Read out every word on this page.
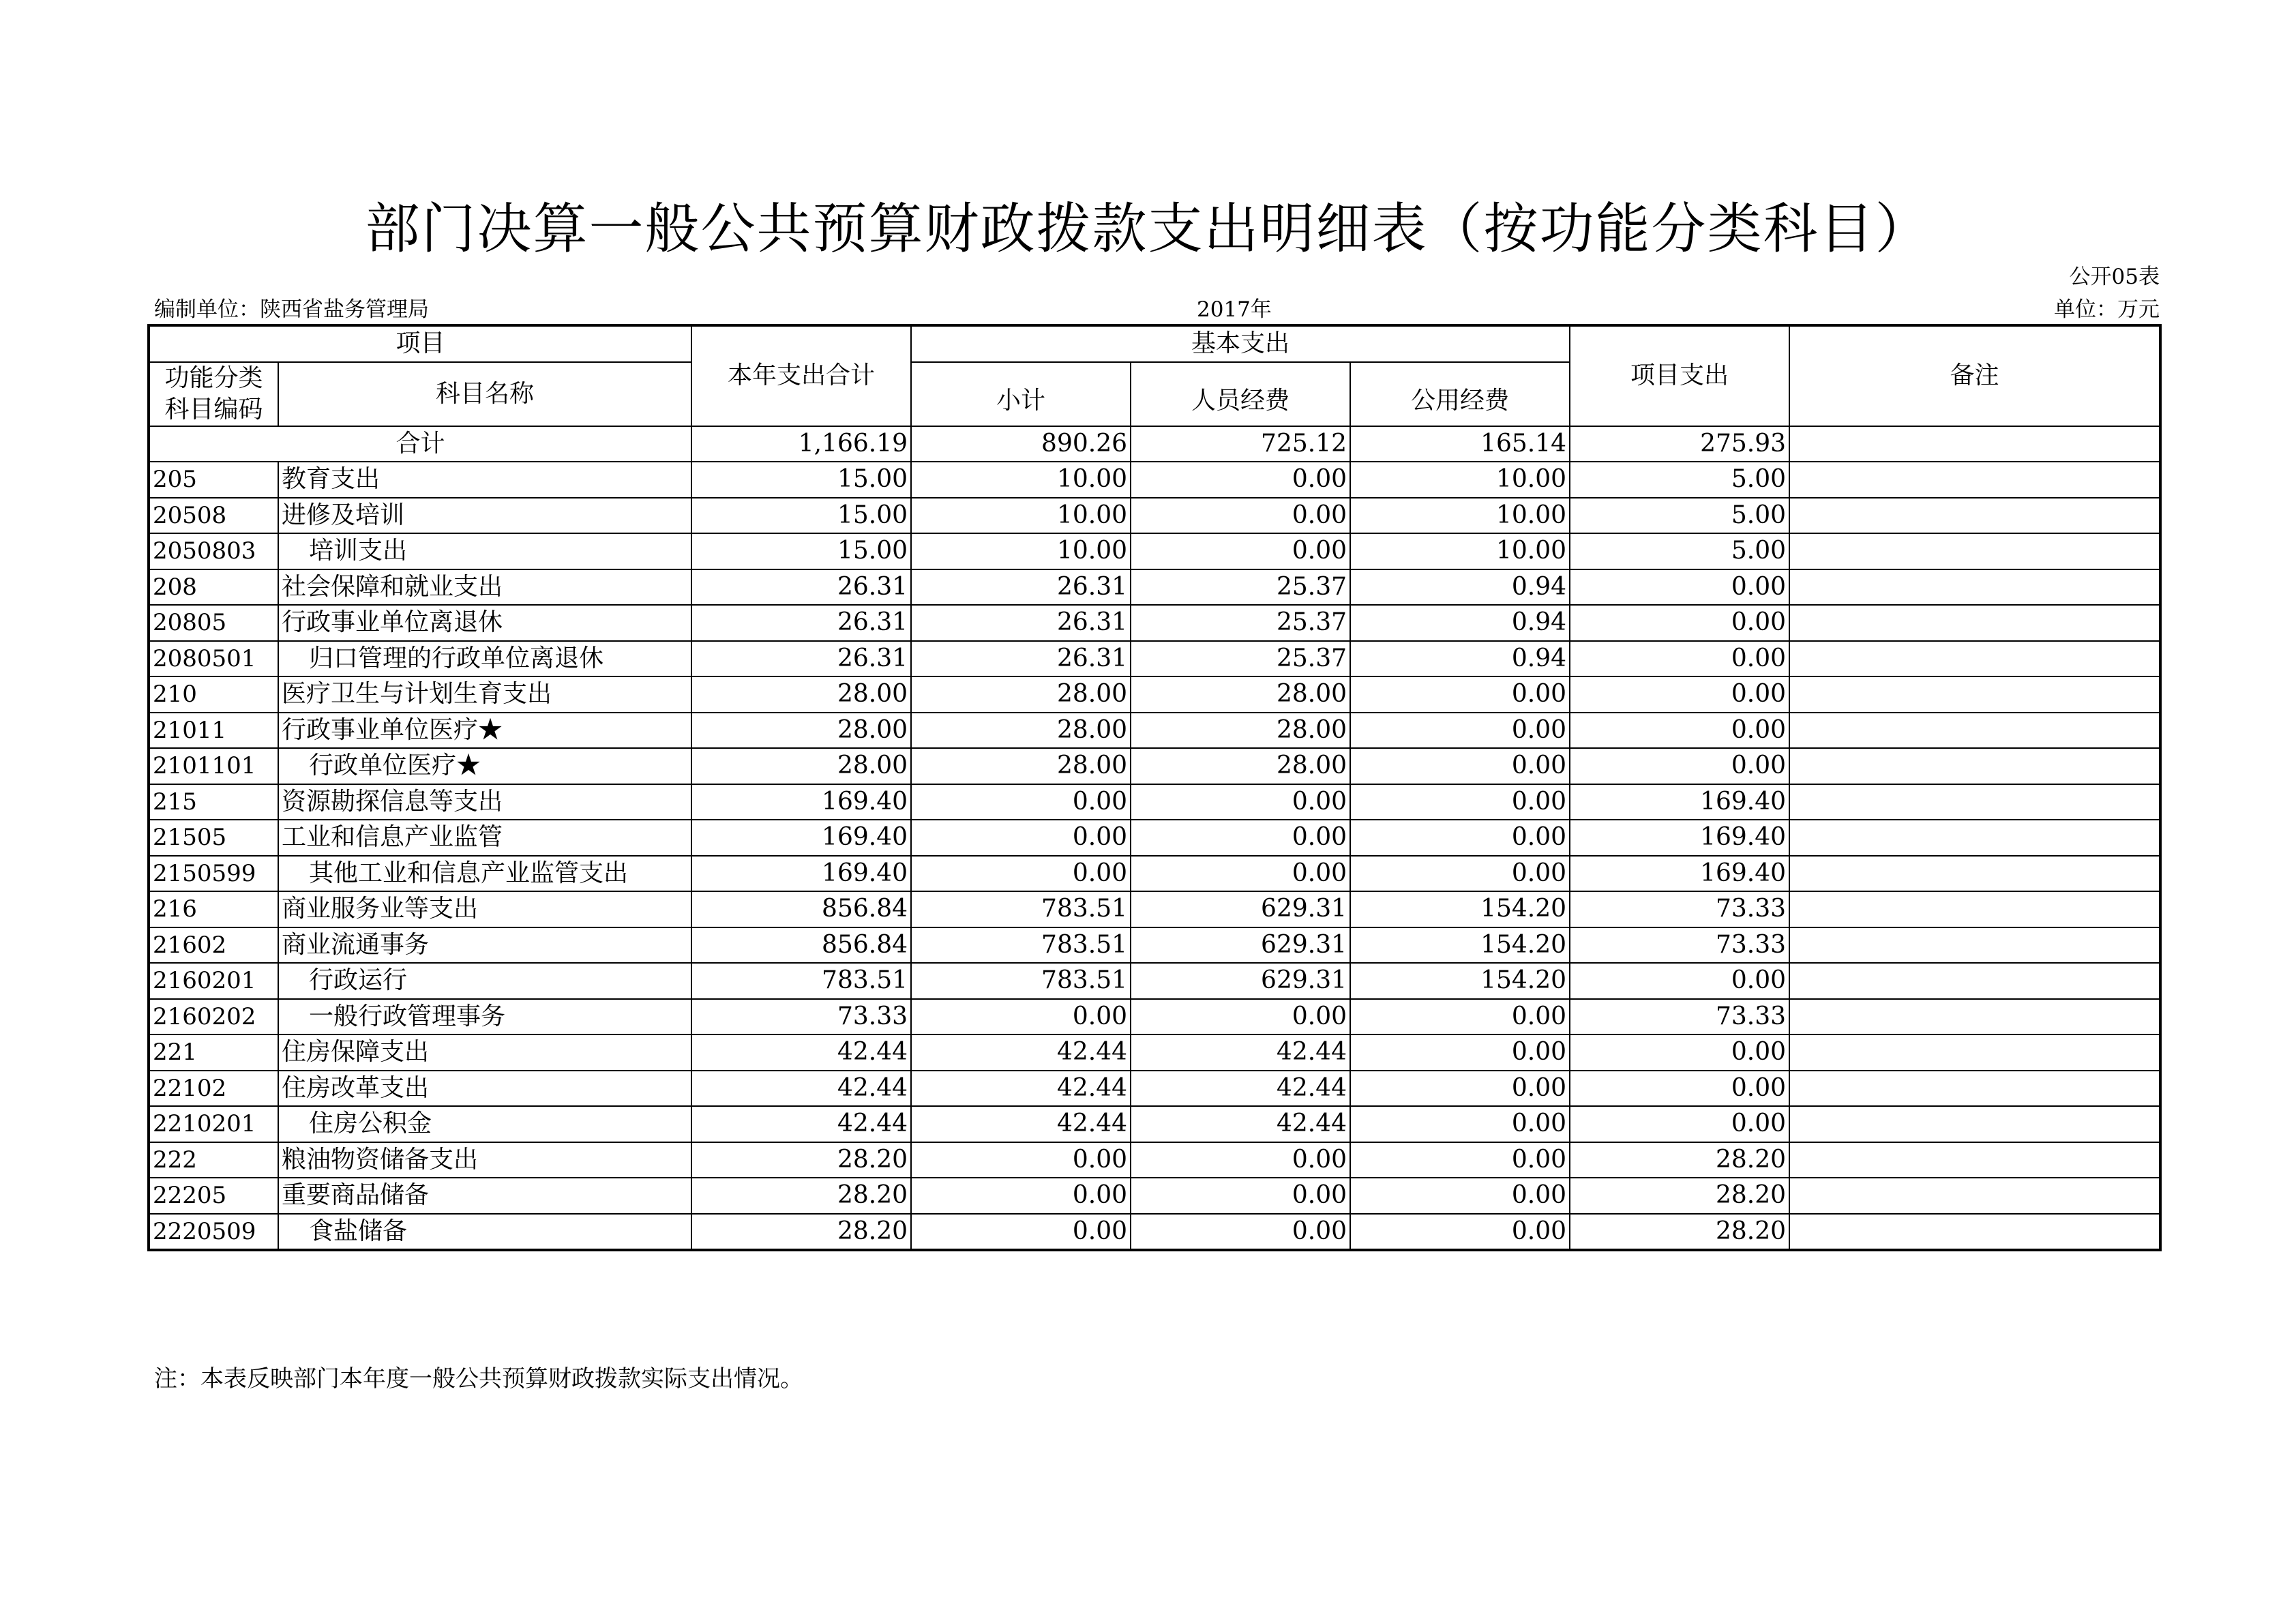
部门决算一般公共预算财政拨款支出明细表（按功能分类科目）
公开05表
编制单位：陕西省盐务管理局	2017年	单位：万元
项目		本年支出合计	基本支出			项目支出	备注
功能分类科目编码	科目名称		小计	人员经费	公用经费		
合计		1,166.19	890.26	725.12	165.14	275.93	
205	教育支出	15.00	10.00	0.00	10.00	5.00	
20508	进修及培训	15.00	10.00	0.00	10.00	5.00	
2050803	培训支出	15.00	10.00	0.00	10.00	5.00	
208	社会保障和就业支出	26.31	26.31	25.37	0.94	0.00	
20805	行政事业单位离退休	26.31	26.31	25.37	0.94	0.00	
2080501	归口管理的行政单位离退休	26.31	26.31	25.37	0.94	0.00	
210	医疗卫生与计划生育支出	28.00	28.00	28.00	0.00	0.00	
21011	行政事业单位医疗★	28.00	28.00	28.00	0.00	0.00	
2101101	行政单位医疗★	28.00	28.00	28.00	0.00	0.00	
215	资源勘探信息等支出	169.40	0.00	0.00	0.00	169.40	
21505	工业和信息产业监管	169.40	0.00	0.00	0.00	169.40	
2150599	其他工业和信息产业监管支出	169.40	0.00	0.00	0.00	169.40	
216	商业服务业等支出	856.84	783.51	629.31	154.20	73.33	
21602	商业流通事务	856.84	783.51	629.31	154.20	73.33	
2160201	行政运行	783.51	783.51	629.31	154.20	0.00	
2160202	一般行政管理事务	73.33	0.00	0.00	0.00	73.33	
221	住房保障支出	42.44	42.44	42.44	0.00	0.00	
22102	住房改革支出	42.44	42.44	42.44	0.00	0.00	
2210201	住房公积金	42.44	42.44	42.44	0.00	0.00	
222	粮油物资储备支出	28.20	0.00	0.00	0.00	28.20	
22205	重要商品储备	28.20	0.00	0.00	0.00	28.20	
2220509	食盐储备	28.20	0.00	0.00	0.00	28.20	
注：本表反映部门本年度一般公共预算财政拨款实际支出情况。
